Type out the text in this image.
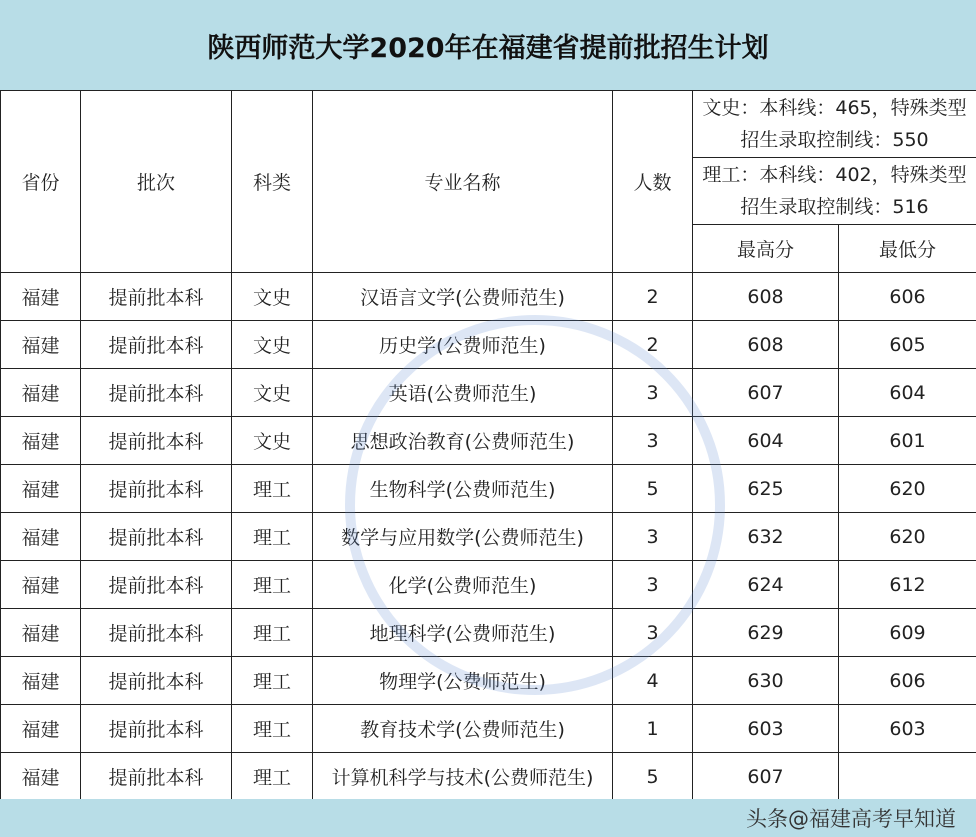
陕西师范大学2020年在福建省提前批招生计划
省份	批次	科类	专业名称	人数	文史：本科线：465，特殊类型招生录取控制线：550	
					理工：本科线：402，特殊类型招生录取控制线：516	
					最高分	最低分
福建	提前批本科	文史	汉语言文学(公费师范生)	2	608	606
福建	提前批本科	文史	历史学(公费师范生)	2	608	605
福建	提前批本科	文史	英语(公费师范生)	3	607	604
福建	提前批本科	文史	思想政治教育(公费师范生)	3	604	601
福建	提前批本科	理工	生物科学(公费师范生)	5	625	620
福建	提前批本科	理工	数学与应用数学(公费师范生)	3	632	620
福建	提前批本科	理工	化学(公费师范生)	3	624	612
福建	提前批本科	理工	地理科学(公费师范生)	3	629	609
福建	提前批本科	理工	物理学(公费师范生)	4	630	606
福建	提前批本科	理工	教育技术学(公费师范生)	1	603	603
福建	提前批本科	理工	计算机科学与技术(公费师范生)	5	607	
头条@福建高考早知道
